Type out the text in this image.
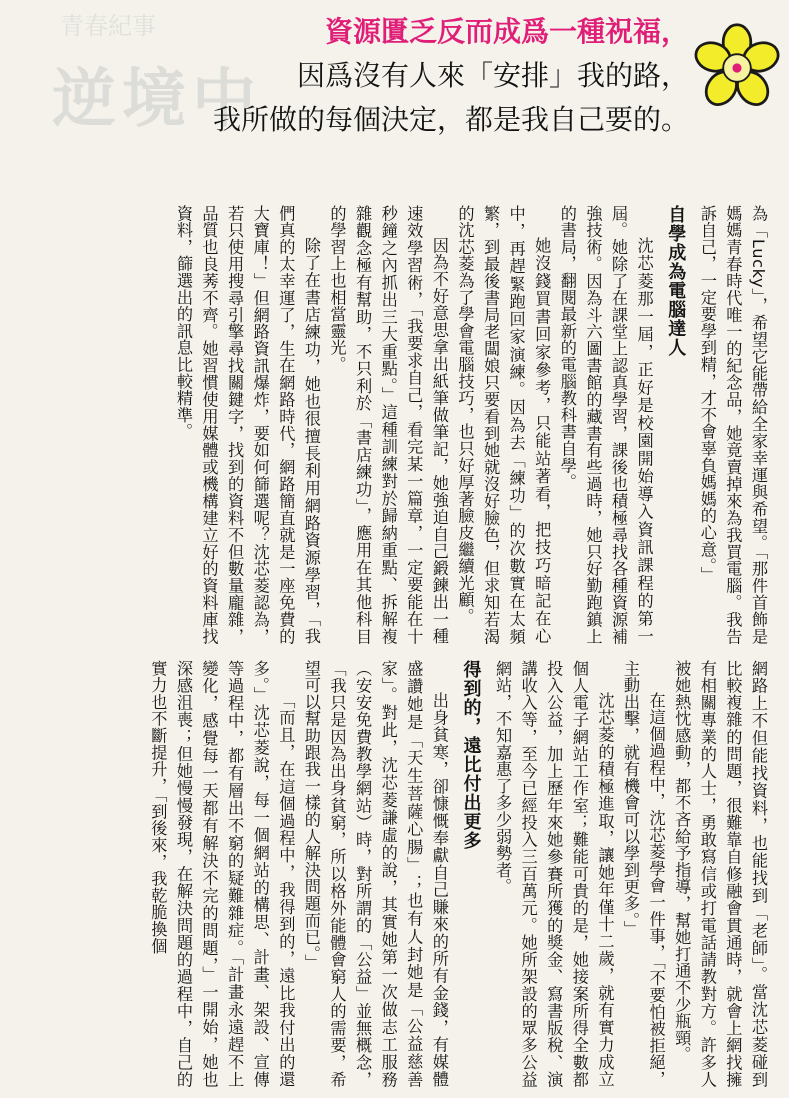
青春紀事
逆境中
資源匱乏反而成爲一種祝福，
因爲沒有人來「安排」我的路，
我所做的每個決定，都是我自己要的。
為「Lucky」，希望它能帶給全家幸運與希望。「那件首飾是媽媽青春時代唯一的紀念品，她竟賣掉來為我買電腦。我告訴自己，一定要學到精，才不會辜負媽媽的心意。」
自學成為電腦達人
沈芯菱那一屆，正好是校園開始導入資訊課程的第一屆。她除了在課堂上認真學習，課後也積極尋找各種資源補強技術。因為斗六圖書館的藏書有些過時，她只好勤跑鎮上的書局，翻閱最新的電腦教科書自學。
她沒錢買書回家參考，只能站著看，把技巧暗記在心中，再趕緊跑回家演練。因為去「練功」的次數實在太頻繁，到最後書局老闆娘只要看到她就沒好臉色，但求知若渴的沈芯菱為了學會電腦技巧，也只好厚著臉皮繼續光顧。
因為不好意思拿出紙筆做筆記，她強迫自己鍛鍊出一種速效學習術，「我要求自己，看完某一篇章，一定要能在十秒鐘之內抓出三大重點。」這種訓練對於歸納重點、拆解複雜觀念極有幫助，不只利於「書店練功」，應用在其他科目的學習上也相當靈光。
除了在書店練功，她也很擅長利用網路資源學習，「我們真的太幸運了，生在網路時代，網路簡直就是一座免費的大寶庫！」但網路資訊爆炸，要如何篩選呢？沈芯菱認為，若只使用搜尋引擎尋找關鍵字，找到的資料不但數量龐雜，品質也良莠不齊。她習慣使用媒體或機構建立好的資料庫找資料，篩選出的訊息比較精準。
網路上不但能找資料，也能找到「老師」。當沈芯菱碰到比較複雜的問題，很難靠自修融會貫通時，就會上網找擁有相關專業的人士，勇敢寫信或打電話請教對方。許多人被她熱忱感動，都不吝給予指導，幫她打通不少瓶頸。
在這個過程中，沈芯菱學會一件事，「不要怕被拒絕，主動出擊，就有機會可以學到更多。」
沈芯菱的積極進取，讓她年僅十二歲，就有實力成立個人電子網站工作室；難能可貴的是，她接案所得全數都投入公益，加上歷年來她參賽所獲的獎金、寫書版稅、演講收入等，至今已經投入三百萬元。她所架設的眾多公益網站，不知嘉惠了多少弱勢者。
得到的，遠比付出更多
出身貧寒，卻慷慨奉獻自己賺來的所有金錢，有媒體盛讚她是「天生菩薩心腸」；也有人封她是「公益慈善家」。對此，沈芯菱謙虛的說，其實她第一次做志工服務（安安免費教學網站）時，對所謂的「公益」並無概念，「我只是因為出身貧窮，所以格外能體會窮人的需要，希望可以幫助跟我一樣的人解決問題而已。」
「而且，在這個過程中，我得到的，遠比我付出的還多。」沈芯菱說，每一個網站的構思、計畫、架設、宣傳等過程中，都有層出不窮的疑難雜症。「計畫永遠趕不上變化，感覺每一天都有解決不完的問題，」一開始，她也深感沮喪；但她慢慢發現，在解決問題的過程中，自己的實力也不斷提升，「到後來，我乾脆換個
